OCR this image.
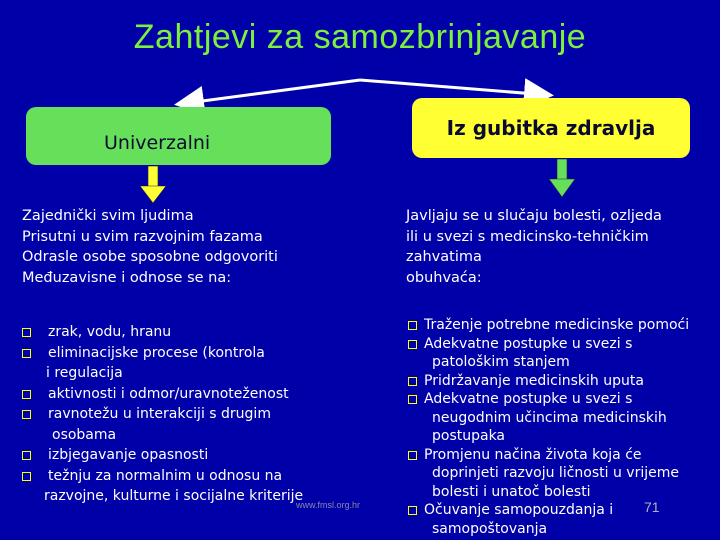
Zahtjevi za samozbrinjavanje
Univerzalni
Iz gubitka zdravlja
Zajednički svim ljudima
Prisutni u svim razvojnim fazama
Odrasle osobe sposobne odgovoriti
Međuzavisne i odnose se na:
Javljaju se u slučaju bolesti, ozljeda
ili u svezi s medicinsko-tehničkim
zahvatima
obuhvaća:
zrak, vodu, hranu
eliminacijske procese (kontrola
i regulacija
aktivnosti i odmor/uravnoteženost
ravnotežu u interakciji s drugim
osobama
izbjegavanje opasnosti
težnju za normalnim u odnosu na
razvojne, kulturne i socijalne kriterije
Traženje potrebne medicinske pomoći
Adekvatne postupke u svezi s
patološkim stanjem
Pridržavanje medicinskih uputa
Adekvatne postupke u svezi s
neugodnim učincima medicinskih
postupaka
Promjenu načina života koja će
doprinjeti razvoju ličnosti u vrijeme
bolesti i unatoč bolesti
Očuvanje samopouzdanja i
samopoštovanja
www.fmsl.org.hr	71
